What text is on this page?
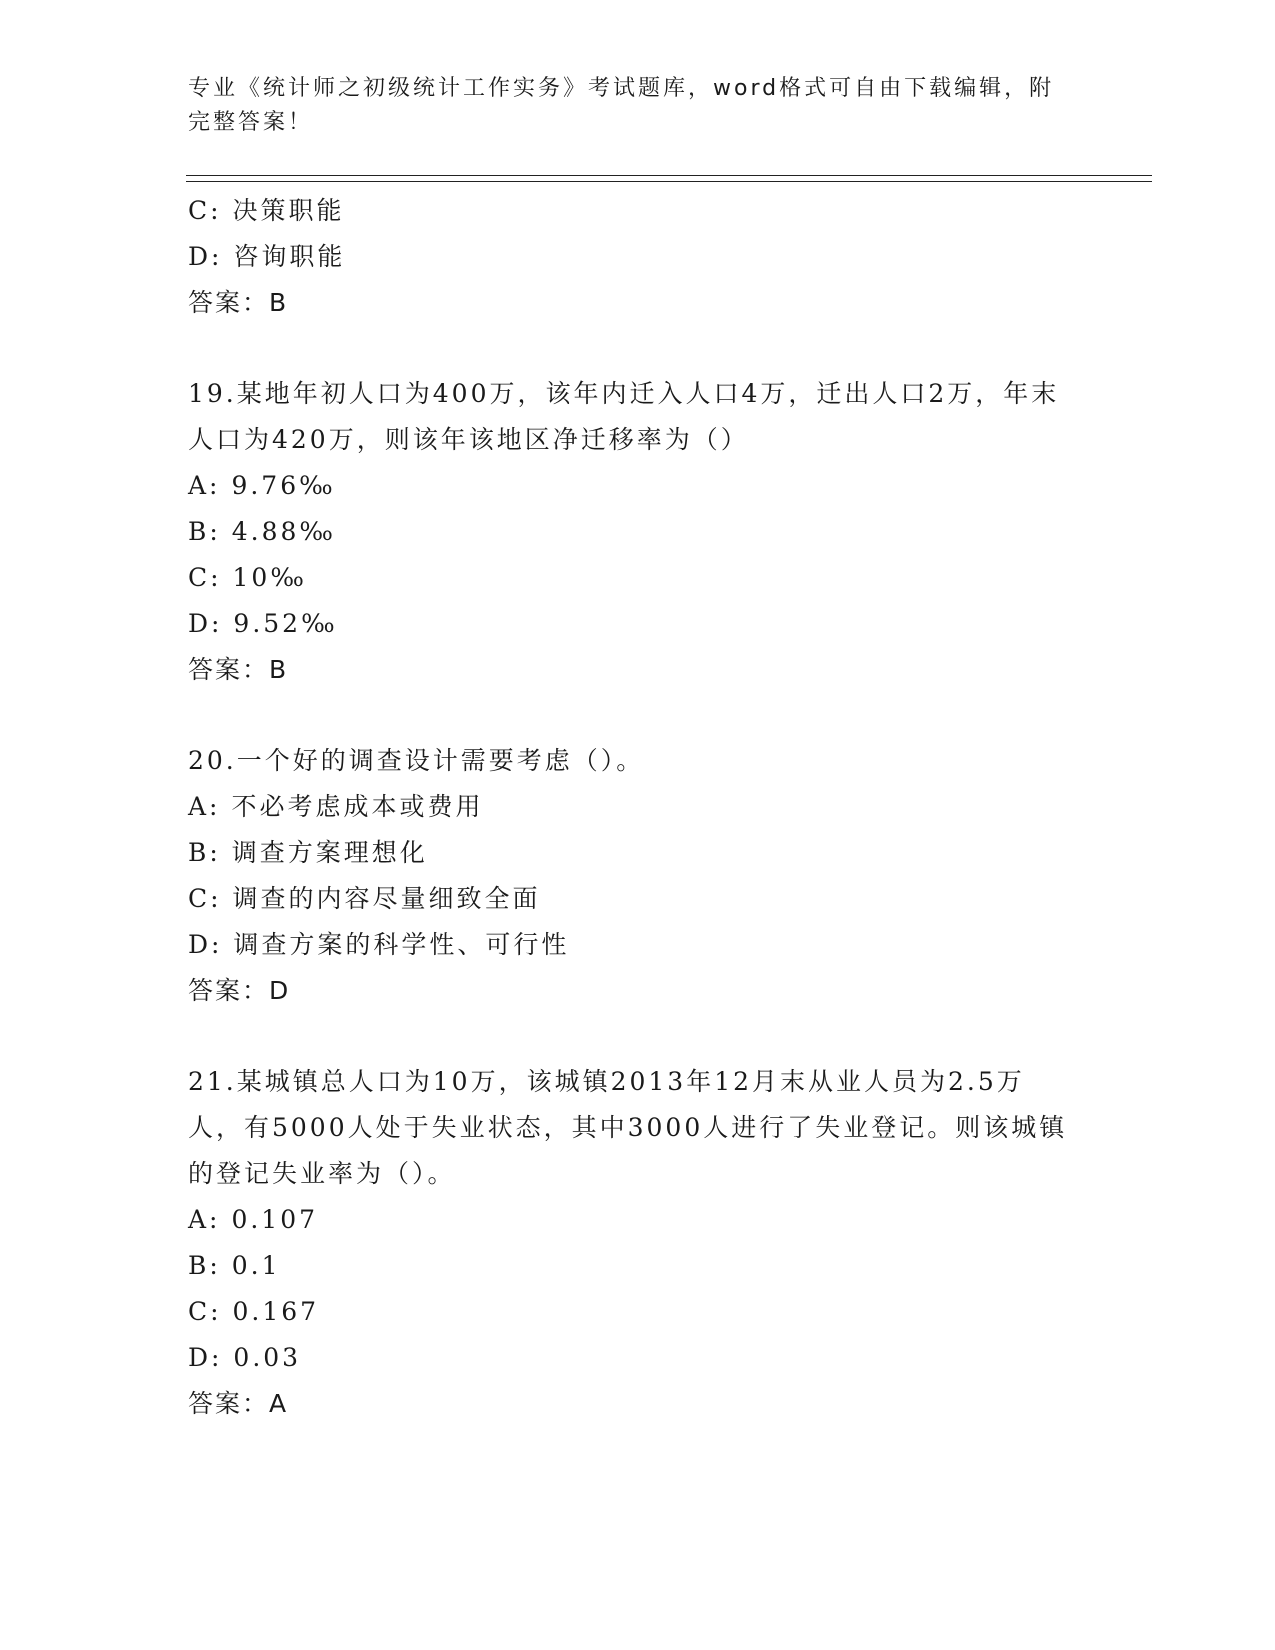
专业《统计师之初级统计工作实务》考试题库，word格式可自由下载编辑，附完整答案！
C: 决策职能
D: 咨询职能
答案：B
19.某地年初人口为400万，该年内迁入人口4万，迁出人口2万，年末人口为420万，则该年该地区净迁移率为（）
A: 9.76‰
B: 4.88‰
C: 10‰
D: 9.52‰
答案：B
20.一个好的调查设计需要考虑（）。
A: 不必考虑成本或费用
B: 调查方案理想化
C: 调查的内容尽量细致全面
D: 调查方案的科学性、可行性
答案：D
21.某城镇总人口为10万，该城镇2013年12月末从业人员为2.5万人，有5000人处于失业状态，其中3000人进行了失业登记。则该城镇的登记失业率为（）。
A: 0.107
B: 0.1
C: 0.167
D: 0.03
答案：A
